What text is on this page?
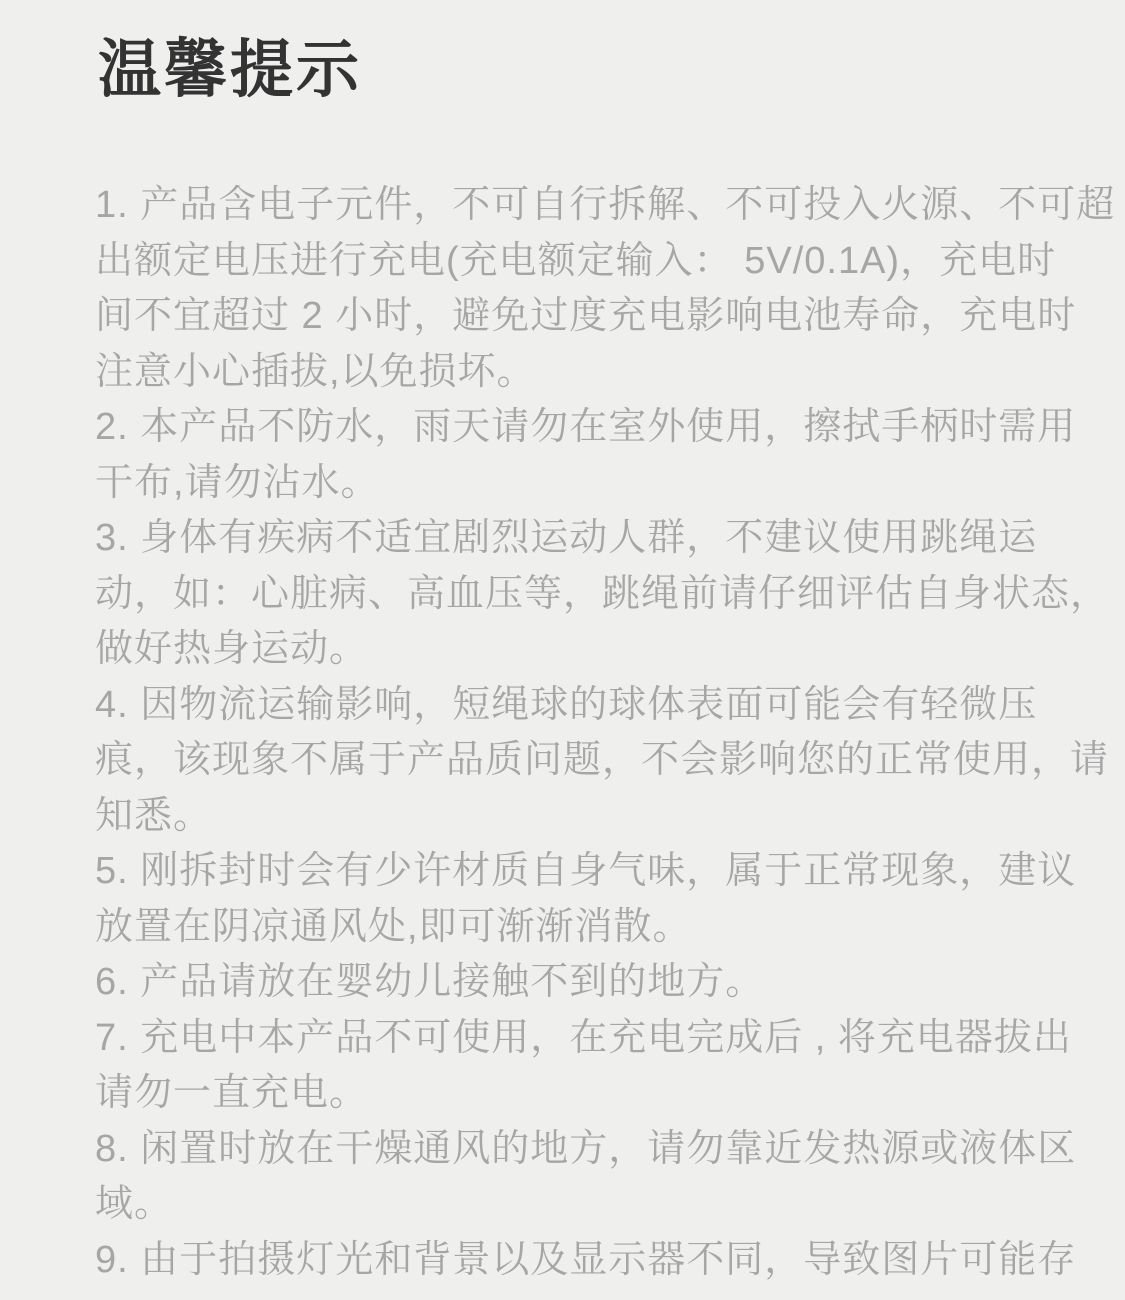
温馨提示
1. 产品含电子元件，不可自行拆解、不可投入火源、不可超
出额定电压进行充电(充电额定输入： 5V/0.1A)，充电时
间不宜超过 2 小时，避免过度充电影响电池寿命，充电时
注意小心插拔,以免损坏。
2. 本产品不防水，雨天请勿在室外使用，擦拭手柄时需用
干布,请勿沾水。
3. 身体有疾病不适宜剧烈运动人群，不建议使用跳绳运
动，如：心脏病、高血压等，跳绳前请仔细评估自身状态，
做好热身运动。
4. 因物流运输影响，短绳球的球体表面可能会有轻微压
痕，该现象不属于产品质问题，不会影响您的正常使用，请
知悉。
5. 刚拆封时会有少许材质自身气味，属于正常现象，建议
放置在阴凉通风处,即可渐渐消散。
6. 产品请放在婴幼儿接触不到的地方。
7. 充电中本产品不可使用，在充电完成后 , 将充电器拔出
请勿一直充电。
8. 闲置时放在干燥通风的地方，请勿靠近发热源或液体区
域。
9. 由于拍摄灯光和背景以及显示器不同，导致图片可能存
